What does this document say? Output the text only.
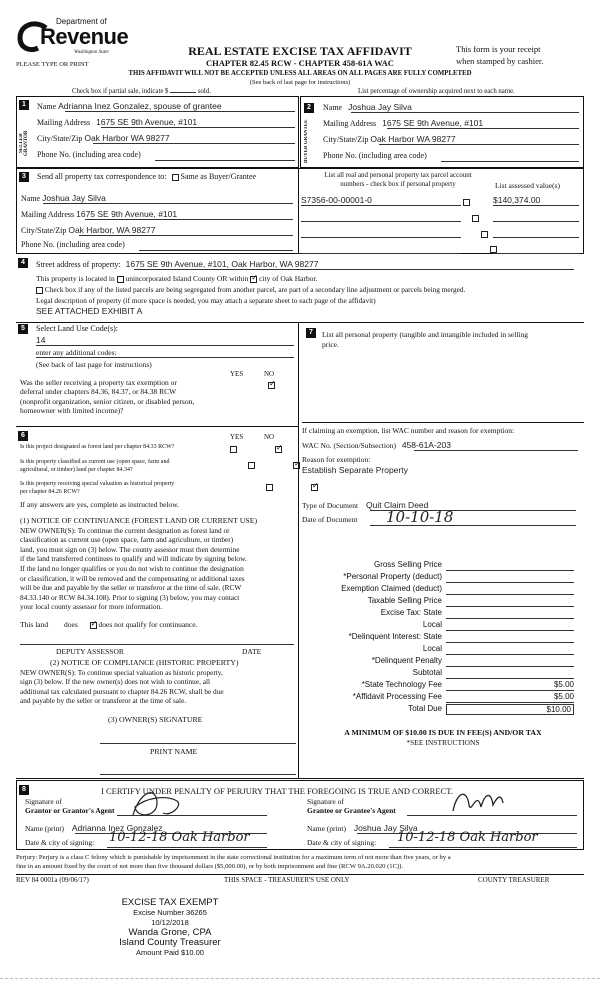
Department of
Revenue
Washington State
PLEASE TYPE OR PRINT
REAL ESTATE EXCISE TAX AFFIDAVIT
CHAPTER 82.45 RCW - CHAPTER 458-61A WAC
This form is your receipt
when stamped by cashier.
THIS AFFIDAVIT WILL NOT BE ACCEPTED UNLESS ALL AREAS ON ALL PAGES ARE FULLY COMPLETED
(See back of last page for instructions)
Check box if partial sale, indicate $	sold.	List percentage of ownership acquired next to each name.
1
SELLER GRANTOR
Name Adrianna Inez Gonzalez, spouse of grantee
Mailing Address 1675 SE 9th Avenue, #101
City/State/Zip Oak Harbor WA 98277
Phone No. (including area code)
2
BUYER GRANTEE
Name Joshua Jay Silva
Mailing Address 1675 SE 9th Avenue, #101
City/State/Zip Oak Harbor WA 98277
Phone No. (including area code)
3	Send all property tax correspondence to: Same as Buyer/Grantee
Name Joshua Jay Silva
Mailing Address 1675 SE 9th Avenue, #101
City/State/Zip Oak Harbor, WA 98277
Phone No. (including area code)
List all real and personal property tax parcel account
numbers - check box if personal property	List assessed value(s)
S7356-00-00001-0	$140,374.00

4	Street address of property: 1675 SE 9th Avenue, #101, Oak Harbor, WA 98277
This property is located in unincorporated Island County OR within ✓ city of Oak Harbor.
Check box if any of the listed parcels are being segregated from another parcel, are part of a secondary line adjustment or parcels being merged.
Legal description of property (if more space is needed, you may attach a separate sheet to each page of the affidavit)
SEE ATTACHED EXHIBIT A
5	Select Land Use Code(s):
14
enter any additional codes:
(See back of last page for instructions)
YES	NO
Was the seller receiving a property tax exemption or
deferral under chapters 84.36, 84.37, or 84.38 RCW
(nonprofit organization, senior citizen, or disabled person,
homeowner with limited income)?
✓
6	YES	NO
Is this project designated as forest land per chapter 84.33 RCW?
✓
Is this property classified as current use (open space, farm and
agricultural, or timber) land per chapter 84.34?
✓
Is this property receiving special valuation as historical property
per chapter 84.26 RCW?
✓
If any answers are yes, complete as instructed below.
(1) NOTICE OF CONTINUANCE (FOREST LAND OR CURRENT USE)
NEW OWNER(S): To continue the current designation as forest land or
classification as current use (open space, farm and agriculture, or timber)
land, you must sign on (3) below. The county assessor must then determine
if the land transferred continues to qualify and will indicate by signing below.
If the land no longer qualifies or you do not wish to continue the designation
or classification, it will be removed and the compensating or additional taxes
will be due and payable by the seller or transferor at the time of sale. (RCW
84.33.140 or RCW 84.34.108). Prior to signing (3) below, you may contact
your local county assessor for more information.
This land does ✓	does not qualify for continuance.
DEPUTY ASSESSOR	DATE
(2) NOTICE OF COMPLIANCE (HISTORIC PROPERTY)
NEW OWNER(S): To continue special valuation as historic property,
sign (3) below. If the new owner(s) does not wish to continue, all
additional tax calculated pursuant to chapter 84.26 RCW, shall be due
and payable by the seller or transferor at the time of sale.
(3) OWNER(S) SIGNATURE
PRINT NAME
7	List all personal property (tangible and intangible included in selling
price.
If claiming an exemption, list WAC number and reason for exemption:
WAC No. (Section/Subsection) 458-61A-203
Reason for exemption:
Establish Separate Property
Type of Document Quit Claim Deed
Date of Document 10-10-18
Gross Selling Price
*Personal Property (deduct)
Exemption Claimed (deduct)
Taxable Selling Price
Excise Tax: State
Local
*Delinquent Interest: State
Local
*Delinquent Penalty
Subtotal
*State Technology Fee	$5.00
*Affidavit Processing Fee	$5.00
Total Due	$10.00
A MINIMUM OF $10.00 IS DUE IN FEE(S) AND/OR TAX
*SEE INSTRUCTIONS
8	I CERTIFY UNDER PENALTY OF PERJURY THAT THE FOREGOING IS TRUE AND CORRECT.
Signature of
Grantor or Grantor's Agent
Name (print) Adrianna Inez Gonzalez
Date & city of signing: 10-12-18 Oak Harbor
Signature of
Grantee or Grantee's Agent
Name (print) Joshua Jay Silva
Date & city of signing: 10-12-18 Oak Harbor
Perjury: Perjury is a class C felony which is punishable by imprisonment in the state correctional institution for a maximum term of not more than five years, or by a
fine in an amount fixed by the court of not more than five thousand dollars ($5,000.00), or by both imprisonment and fine (RCW 9A.20.020 (1C)).
REV 84 0001a (09/06/17)	THIS SPACE - TREASURER'S USE ONLY	COUNTY TREASURER
EXCISE TAX EXEMPT
Excise Number 36265
10/12/2018
Wanda Grone, CPA
Island County Treasurer
Amount Paid $10.00
